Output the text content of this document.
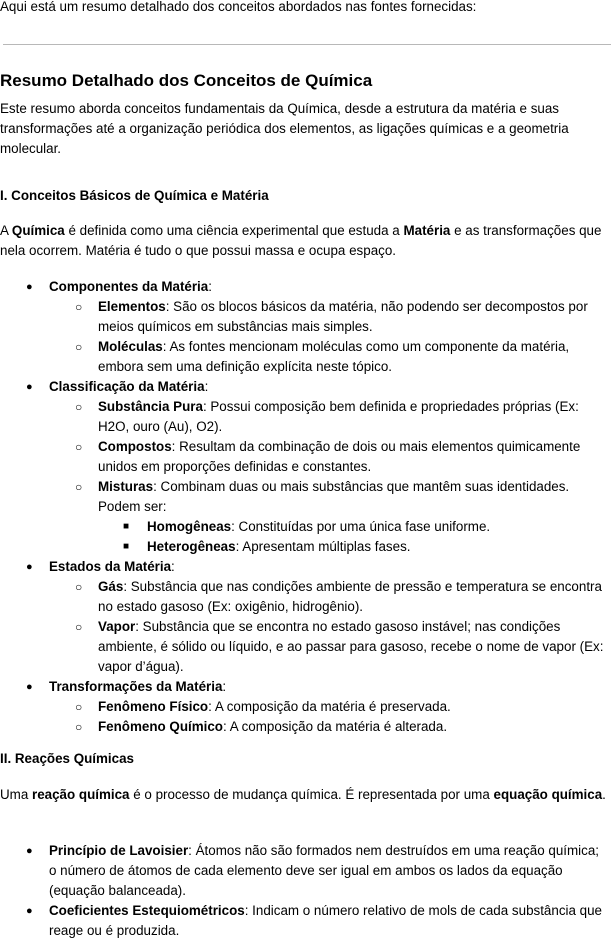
Aqui está um resumo detalhado dos conceitos abordados nas fontes fornecidas:
Resumo Detalhado dos Conceitos de Química

Este resumo aborda conceitos fundamentais da Química, desde a estrutura da matéria e suas transformações até a organização periódica dos elementos, as ligações químicas e a geometria molecular.

I. Conceitos Básicos de Química e Matéria

A Química é definida como uma ciência experimental que estuda a Matéria e as transformações que nela ocorrem. Matéria é tudo o que possui massa e ocupa espaço.

● Componentes da Matéria:
○ Elementos: São os blocos básicos da matéria, não podendo ser decompostos por meios químicos em substâncias mais simples.
○ Moléculas: As fontes mencionam moléculas como um componente da matéria, embora sem uma definição explícita neste tópico.
● Classificação da Matéria:
○ Substância Pura: Possui composição bem definida e propriedades próprias (Ex: H2O, ouro (Au), O2).
○ Compostos: Resultam da combinação de dois ou mais elementos quimicamente unidos em proporções definidas e constantes.
○ Misturas: Combinam duas ou mais substâncias que mantêm suas identidades. Podem ser:
■ Homogêneas: Constituídas por uma única fase uniforme.
■ Heterogêneas: Apresentam múltiplas fases.
● Estados da Matéria:
○ Gás: Substância que nas condições ambiente de pressão e temperatura se encontra no estado gasoso (Ex: oxigênio, hidrogênio).
○ Vapor: Substância que se encontra no estado gasoso instável; nas condições ambiente, é sólido ou líquido, e ao passar para gasoso, recebe o nome de vapor (Ex: vapor d’água).
● Transformações da Matéria:
○ Fenômeno Físico: A composição da matéria é preservada.
○ Fenômeno Químico: A composição da matéria é alterada.
II. Reações Químicas

Uma reação química é o processo de mudança química. É representada por uma equação química.

● Princípio de Lavoisier: Átomos não são formados nem destruídos em uma reação química; o número de átomos de cada elemento deve ser igual em ambos os lados da equação (equação balanceada).
● Coeficientes Estequiométricos: Indicam o número relativo de mols de cada substância que reage ou é produzida.
